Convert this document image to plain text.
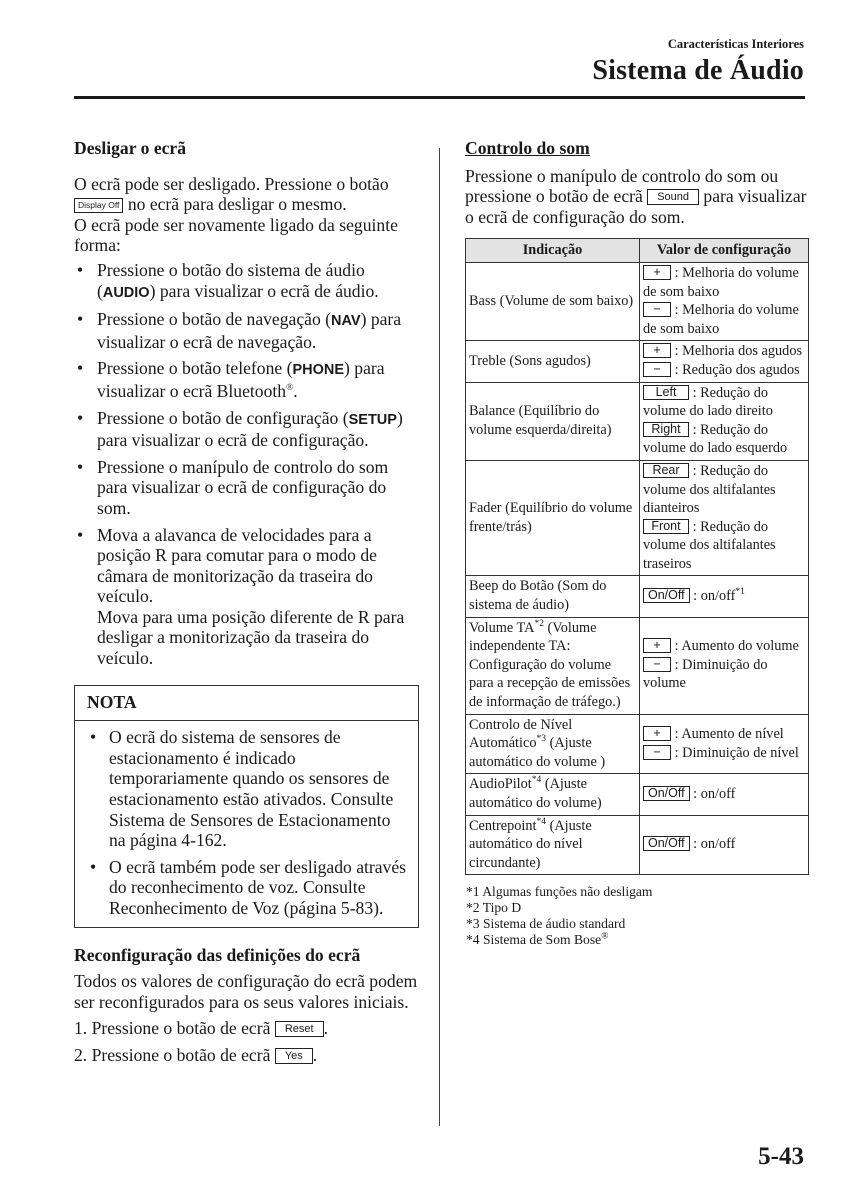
Características Interiores
Sistema de Áudio
Desligar o ecrã

O ecrã pode ser desligado. Pressione o botão Display Off no ecrã para desligar o mesmo.

O ecrã pode ser novamente ligado da seguinte forma:

• Pressione o botão do sistema de áudio (AUDIO) para visualizar o ecrã de áudio.
• Pressione o botão de navegação (NAV) para visualizar o ecrã de navegação.
• Pressione o botão telefone (PHONE) para visualizar o ecrã Bluetooth®.
• Pressione o botão de configuração (SETUP) para visualizar o ecrã de configuração.
• Pressione o manípulo de controlo do som para visualizar o ecrã de configuração do som.
• Mova a alavanca de velocidades para a posição R para comutar para o modo de câmara de monitorização da traseira do veículo.
Mova para uma posição diferente de R para desligar a monitorização da traseira do veículo.
NOTA
• O ecrã do sistema de sensores de estacionamento é indicado temporariamente quando os sensores de estacionamento estão ativados. Consulte Sistema de Sensores de Estacionamento na página 4-162.
• O ecrã também pode ser desligado através do reconhecimento de voz. Consulte Reconhecimento de Voz (página 5-83).
Reconfiguração das definições do ecrã

Todos os valores de configuração do ecrã podem ser reconfigurados para os seus valores iniciais.

1. Pressione o botão de ecrã Reset .
2. Pressione o botão de ecrã Yes .
Controlo do som

Pressione o manípulo de controlo do som ou pressione o botão de ecrã Sound para visualizar o ecrã de configuração do som.

Indicação	Valor de configuração
Bass (Volume de som baixo)	+ : Melhoria do volume de som baixo
− : Melhoria do volume de som baixo
Treble (Sons agudos)	+ : Melhoria dos agudos
− : Redução dos agudos
Balance (Equilíbrio do volume esquerda/direita)	Left : Redução do volume do lado direito
Right : Redução do volume do lado esquerdo
Fader (Equilíbrio do volume frente/trás)	Rear : Redução do volume dos altifalantes dianteiros
Front : Redução do volume dos altifalantes traseiros
Beep do Botão (Som do sistema de áudio)	On/Off : on/off$^{*1}$
Volume TA$^{*2}$ (Volume independente TA: Configuração do volume para a recepção de emissões de informação de tráfego.)	+ : Aumento do volume
− : Diminuição do volume
Controlo de Nível Automático$^{*3}$ (Ajuste automático do volume )	+ : Aumento de nível
− : Diminuição de nível
AudioPilot$^{*4}$ (Ajuste automático do volume)	On/Off : on/off
Centrepoint$^{*4}$ (Ajuste automático do nível circundante)	On/Off : on/off
*1 Algumas funções não desligam
*2 Tipo D
*3 Sistema de áudio standard
*4 Sistema de Som Bose®
5-43
